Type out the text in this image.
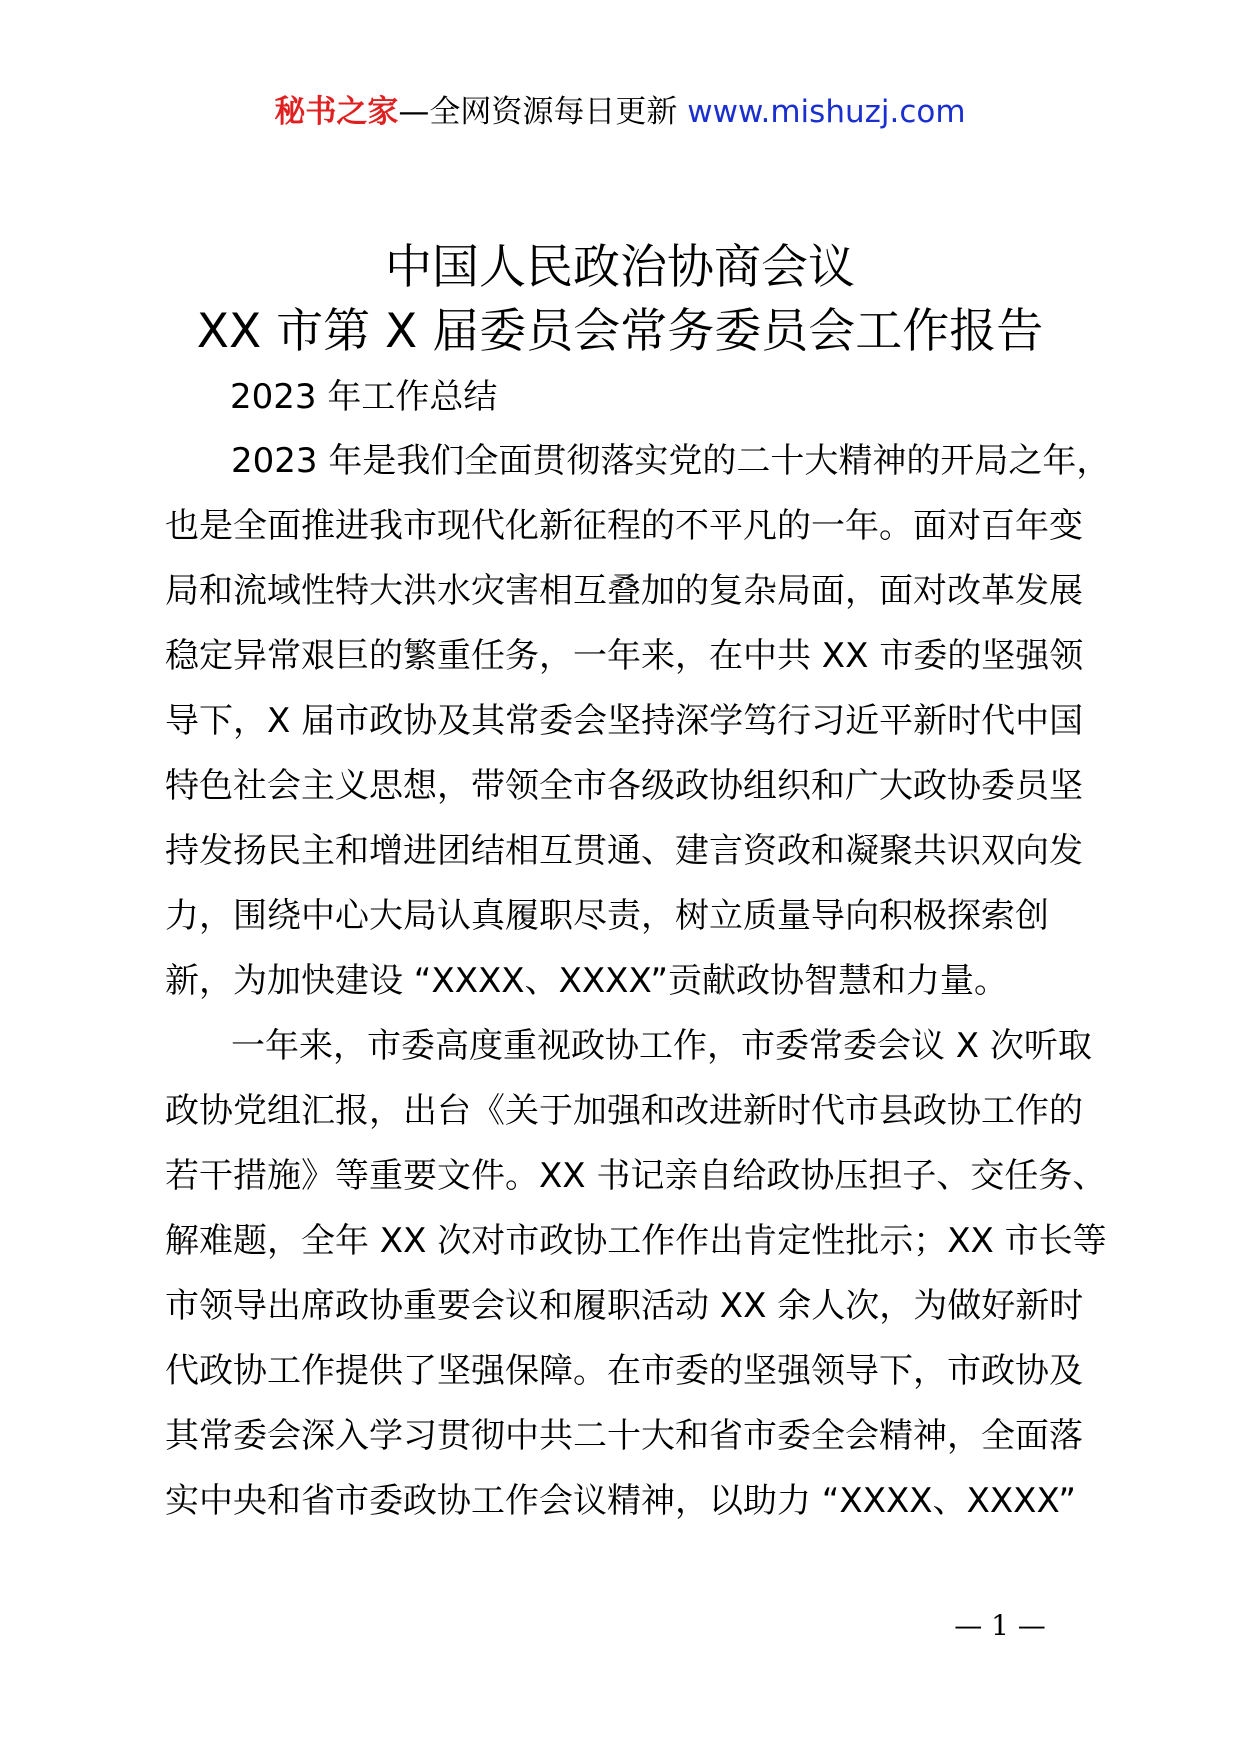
秘书之家—全网资源每日更新 www.mishuzj.com
中国人民政治协商会议
XX 市第 X 届委员会常务委员会工作报告
2023 年工作总结

2023 年是我们全面贯彻落实党的二十大精神的开局之年，也是全面推进我市现代化新征程的不平凡的一年。面对百年变局和流域性特大洪水灾害相互叠加的复杂局面，面对改革发展稳定异常艰巨的繁重任务，一年来，在中共 XX 市委的坚强领导下，X 届市政协及其常委会坚持深学笃行习近平新时代中国特色社会主义思想，带领全市各级政协组织和广大政协委员坚持发扬民主和增进团结相互贯通、建言资政和凝聚共识双向发力，围绕中心大局认真履职尽责，树立质量导向积极探索创新，为加快建设 “XXXX、XXXX”贡献政协智慧和力量。

一年来，市委高度重视政协工作，市委常委会议 X 次听取政协党组汇报，出台《关于加强和改进新时代市县政协工作的若干措施》等重要文件。XX 书记亲自给政协压担子、交任务、解难题，全年 XX 次对市政协工作作出肯定性批示；XX 市长等市领导出席政协重要会议和履职活动 XX 余人次，为做好新时代政协工作提供了坚强保障。在市委的坚强领导下，市政协及其常委会深入学习贯彻中共二十大和省市委全会精神，全面落实中央和省市委政协工作会议精神，以助力 “XXXX、XXXX”

— 1 —
